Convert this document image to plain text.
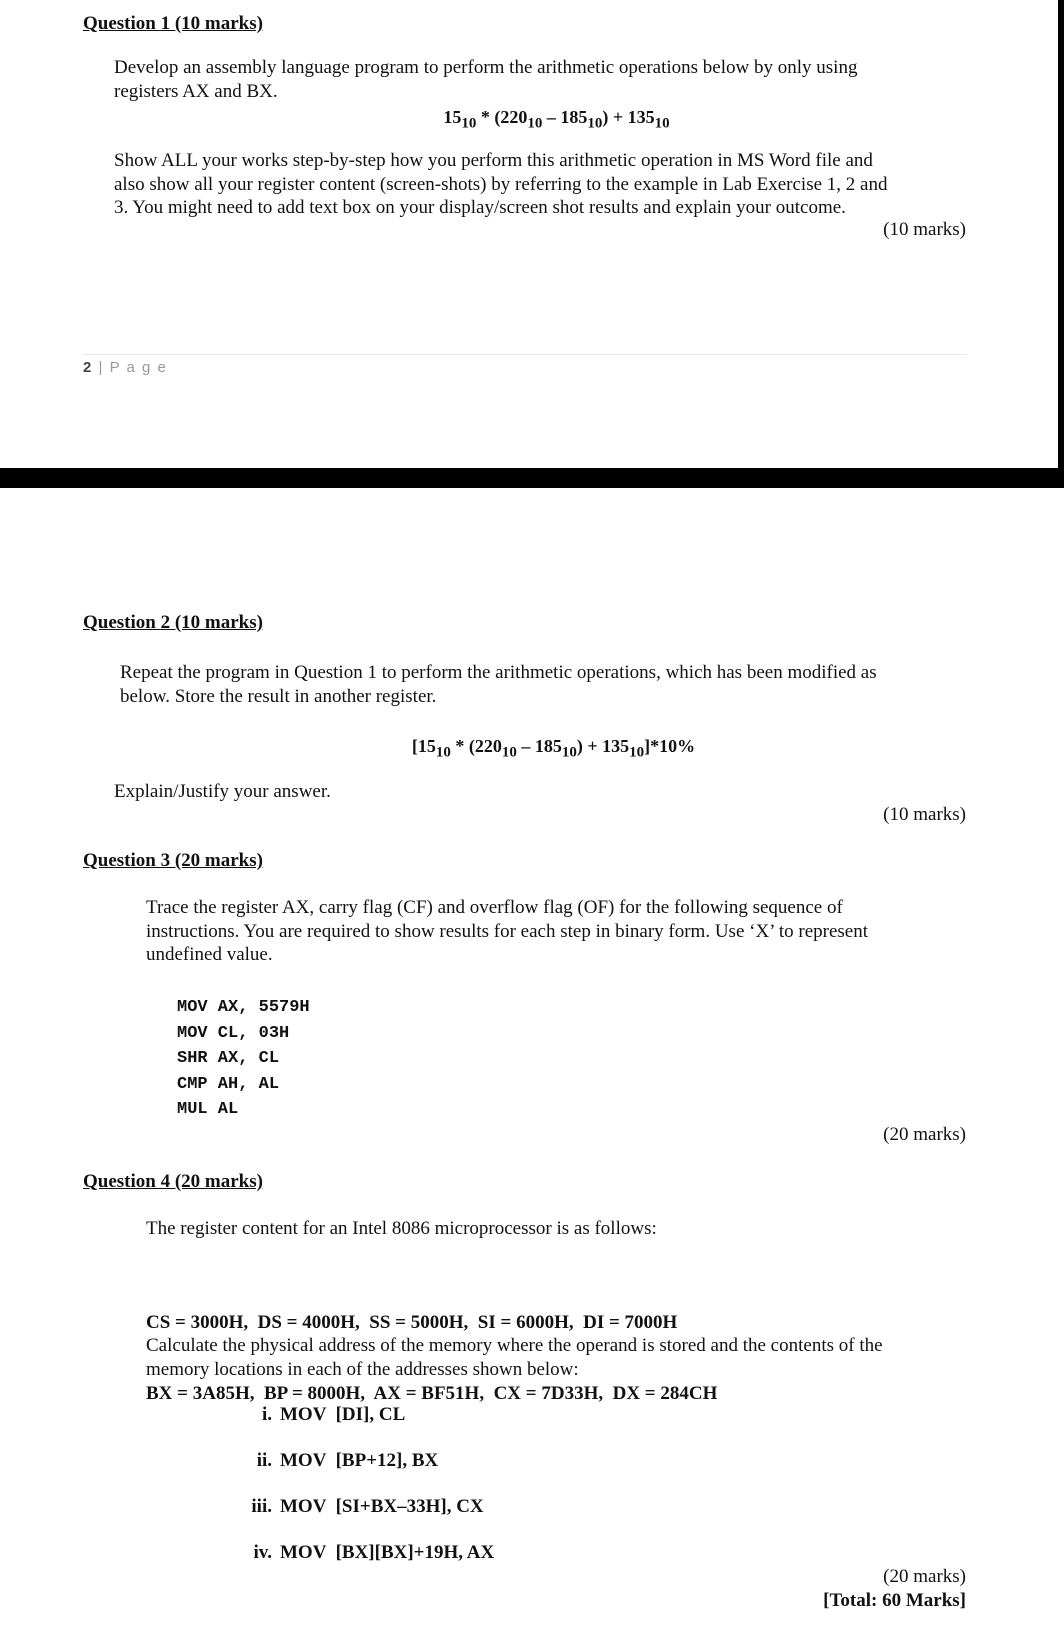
Question 1 (10 marks)
Develop an assembly language program to perform the arithmetic operations below by only using
registers AX and BX.
$15_{10} * (220_{10} - 185_{10}) + 135_{10}$
Show ALL your works step-by-step how you perform this arithmetic operation in MS Word file and
also show all your register content (screen-shots) by referring to the example in Lab Exercise 1, 2 and
3. You might need to add text box on your display/screen shot results and explain your outcome.
(10 marks)
2 | P a g e
Question 2 (10 marks)
Repeat the program in Question 1 to perform the arithmetic operations, which has been modified as
below. Store the result in another register.
$[15_{10} * (220_{10} - 185_{10}) + 135_{10}]*10\%$
Explain/Justify your answer.
(10 marks)
Question 3 (20 marks)
Trace the register AX, carry flag (CF) and overflow flag (OF) for the following sequence of
instructions. You are required to show results for each step in binary form. Use ‘X’ to represent
undefined value.
MOV AX, 5579H
MOV CL, 03H
SHR AX, CL
CMP AH, AL
MUL AL
(20 marks)
Question 4 (20 marks)
The register content for an Intel 8086 microprocessor is as follows:

CS = 3000H,  DS = 4000H,  SS = 5000H,  SI = 6000H,  DI = 7000H

BX = 3A85H,  BP = 8000H,  AX = BF51H,  CX = 7D33H,  DX = 284CH

Calculate the physical address of the memory where the operand is stored and the contents of the
memory locations in each of the addresses shown below:
i. MOV  [DI], CL
ii. MOV  [BP+12], BX
iii. MOV  [SI+BX–33H], CX
iv. MOV  [BX][BX]+19H, AX
(20 marks)
[Total: 60 Marks]
